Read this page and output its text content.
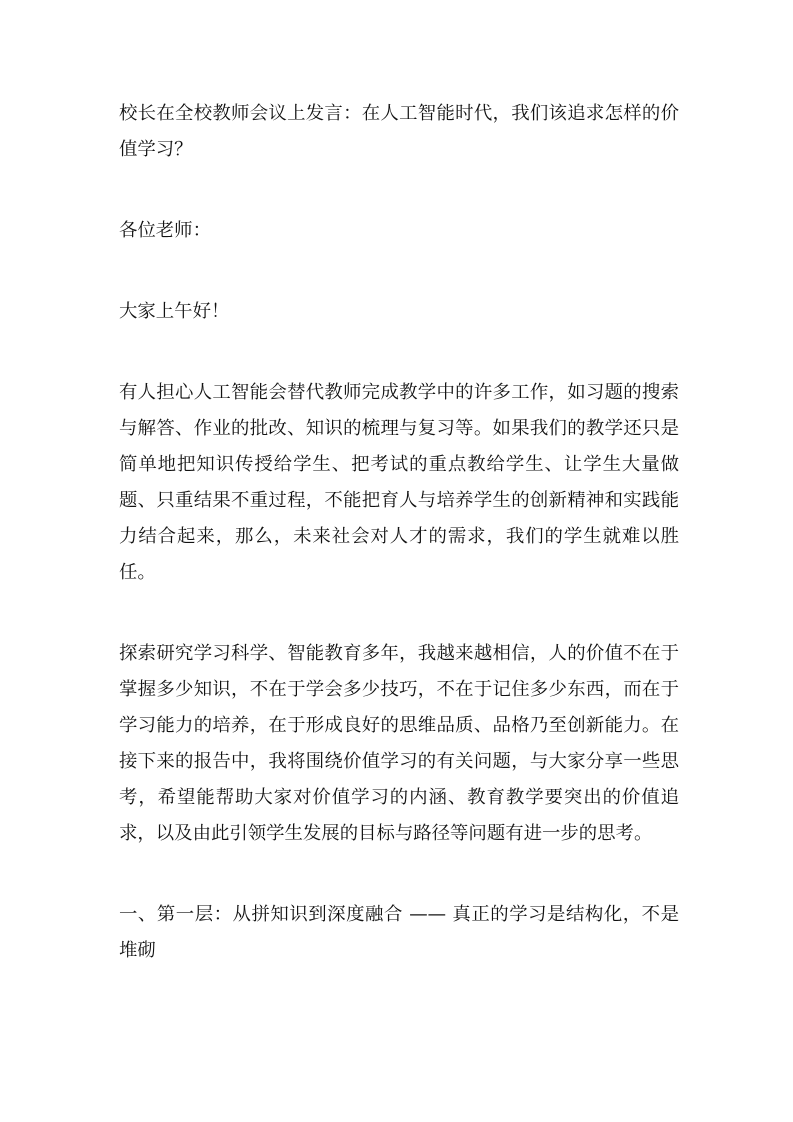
校长在全校教师会议上发言：在人工智能时代，我们该追求怎样的价值学习？

各位老师：

大家上午好！

有人担心人工智能会替代教师完成教学中的许多工作，如习题的搜索与解答、作业的批改、知识的梳理与复习等。如果我们的教学还只是简单地把知识传授给学生、把考试的重点教给学生、让学生大量做题、只重结果不重过程，不能把育人与培养学生的创新精神和实践能力结合起来，那么，未来社会对人才的需求，我们的学生就难以胜任。

探索研究学习科学、智能教育多年，我越来越相信，人的价值不在于掌握多少知识，不在于学会多少技巧，不在于记住多少东西，而在于学习能力的培养，在于形成良好的思维品质、品格乃至创新能力。在接下来的报告中，我将围绕价值学习的有关问题，与大家分享一些思考，希望能帮助大家对价值学习的内涵、教育教学要突出的价值追求，以及由此引领学生发展的目标与路径等问题有进一步的思考。

一、第一层：从拼知识到深度融合 —— 真正的学习是结构化，不是堆砌
